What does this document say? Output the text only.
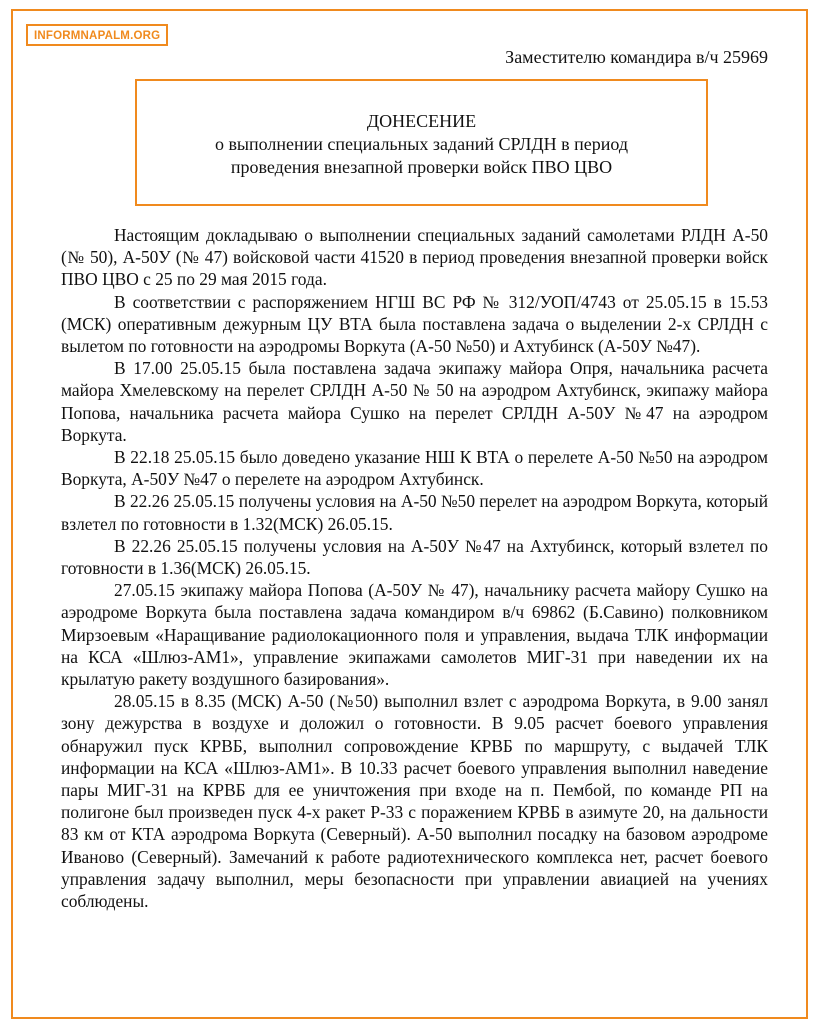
INFORMNAPALM.ORG
Заместителю командира в/ч 25969
ДОНЕСЕНИЕ
о выполнении специальных заданий СРЛДН в период
проведения внезапной проверки войск ПВО ЦВО

Настоящим докладываю о выполнении специальных заданий самолетами РЛДН А-50 (№ 50), А-50У (№ 47) войсковой части 41520 в период проведения внезапной проверки войск ПВО ЦВО с 25 по 29 мая 2015 года.

В соответствии с распоряжением НГШ ВС РФ № 312/УОП/4743 от 25.05.15 в 15.53 (МСК) оперативным дежурным ЦУ ВТА была поставлена задача о выделении 2-х СРЛДН с вылетом по готовности на аэродромы Воркута (А-50 №50) и Ахтубинск (А-50У №47).

В 17.00 25.05.15 была поставлена задача экипажу майора Опря, начальника расчета майора Хмелевскому на перелет СРЛДН А-50 № 50 на аэродром Ахтубинск, экипажу майора Попова, начальника расчета майора Сушко на перелет СРЛДН А-50У №47 на аэродром Воркута.

В 22.18 25.05.15 было доведено указание НШ К ВТА о перелете А-50 №50 на аэродром Воркута, А-50У №47 о перелете на аэродром Ахтубинск.

В 22.26 25.05.15 получены условия на А-50 №50 перелет на аэродром Воркута, который взлетел по готовности в 1.32(МСК) 26.05.15.

В 22.26 25.05.15 получены условия на А-50У №47 на Ахтубинск, который взлетел по готовности в 1.36(МСК) 26.05.15.

27.05.15 экипажу майора Попова (А-50У № 47), начальнику расчета майору Сушко на аэродроме Воркута была поставлена задача командиром в/ч 69862 (Б.Савино) полковником Мирзоевым «Наращивание радиолокационного поля и управления, выдача ТЛК информации на КСА «Шлюз-АМ1», управление экипажами самолетов МИГ-31 при наведении их на крылатую ракету воздушного базирования».

28.05.15 в 8.35 (МСК) А-50 (№50) выполнил взлет с аэродрома Воркута, в 9.00 занял зону дежурства в воздухе и доложил о готовности. В 9.05 расчет боевого управления обнаружил пуск КРВБ, выполнил сопровождение КРВБ по маршруту, с выдачей ТЛК информации на КСА «Шлюз-АМ1». В 10.33 расчет боевого управления выполнил наведение пары МИГ-31 на КРВБ для ее уничтожения при входе на п. Пембой, по команде РП на полигоне был произведен пуск 4-х ракет Р-33 с поражением КРВБ в азимуте 20, на дальности 83 км от КТА аэродрома Воркута (Северный). А-50 выполнил посадку на базовом аэродроме Иваново (Северный). Замечаний к работе радиотехнического комплекса нет, расчет боевого управления задачу выполнил, меры безопасности при управлении авиацией на учениях соблюдены.
